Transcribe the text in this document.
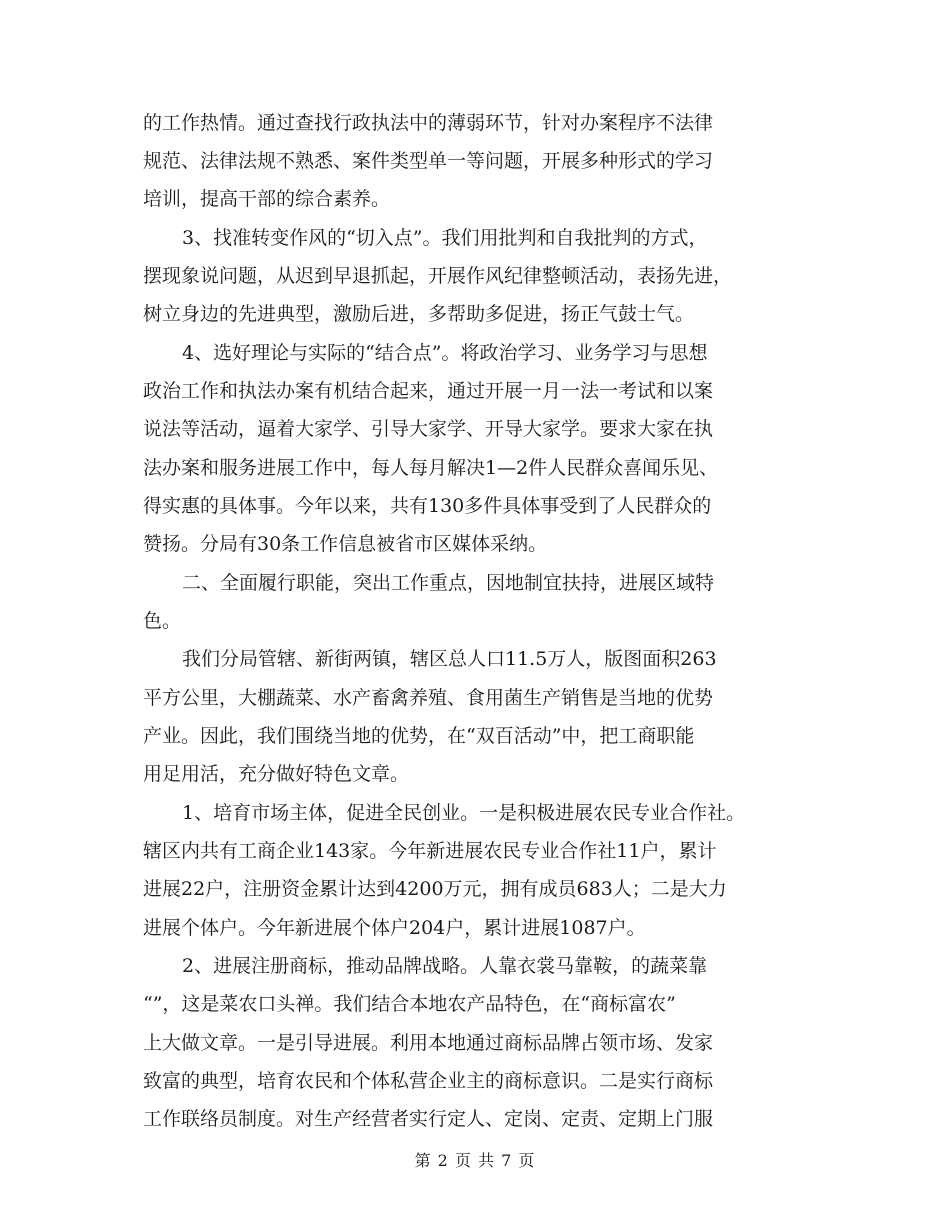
的工作热情。通过查找行政执法中的薄弱环节，针对办案程序不法律
规范、法律法规不熟悉、案件类型单一等问题，开展多种形式的学习
培训，提高干部的综合素养。
3、找准转变作风的“切入点”。我们用批判和自我批判的方式，
摆现象说问题，从迟到早退抓起，开展作风纪律整顿活动，表扬先进，
树立身边的先进典型，激励后进，多帮助多促进，扬正气鼓士气。
4、选好理论与实际的“结合点”。将政治学习、业务学习与思想
政治工作和执法办案有机结合起来，通过开展一月一法一考试和以案
说法等活动，逼着大家学、引导大家学、开导大家学。要求大家在执
法办案和服务进展工作中，每人每月解决1—2件人民群众喜闻乐见、
得实惠的具体事。今年以来，共有130多件具体事受到了人民群众的
赞扬。分局有30条工作信息被省市区媒体采纳。
二、全面履行职能，突出工作重点，因地制宜扶持，进展区域特
色。
我们分局管辖、新街两镇，辖区总人口11.5万人，版图面积263
平方公里，大棚蔬菜、水产畜禽养殖、食用菌生产销售是当地的优势
产业。因此，我们围绕当地的优势，在“双百活动”中，把工商职能
用足用活，充分做好特色文章。
1、培育市场主体，促进全民创业。一是积极进展农民专业合作社。
辖区内共有工商企业143家。今年新进展农民专业合作社11户，累计
进展22户，注册资金累计达到4200万元，拥有成员683人；二是大力
进展个体户。今年新进展个体户204户，累计进展1087户。
2、进展注册商标，推动品牌战略。人靠衣裳马靠鞍，的蔬菜靠
“”，这是菜农口头禅。我们结合本地农产品特色，在“商标富农”
上大做文章。一是引导进展。利用本地通过商标品牌占领市场、发家
致富的典型，培育农民和个体私营企业主的商标意识。二是实行商标
工作联络员制度。对生产经营者实行定人、定岗、定责、定期上门服
第 2 页 共 7 页
